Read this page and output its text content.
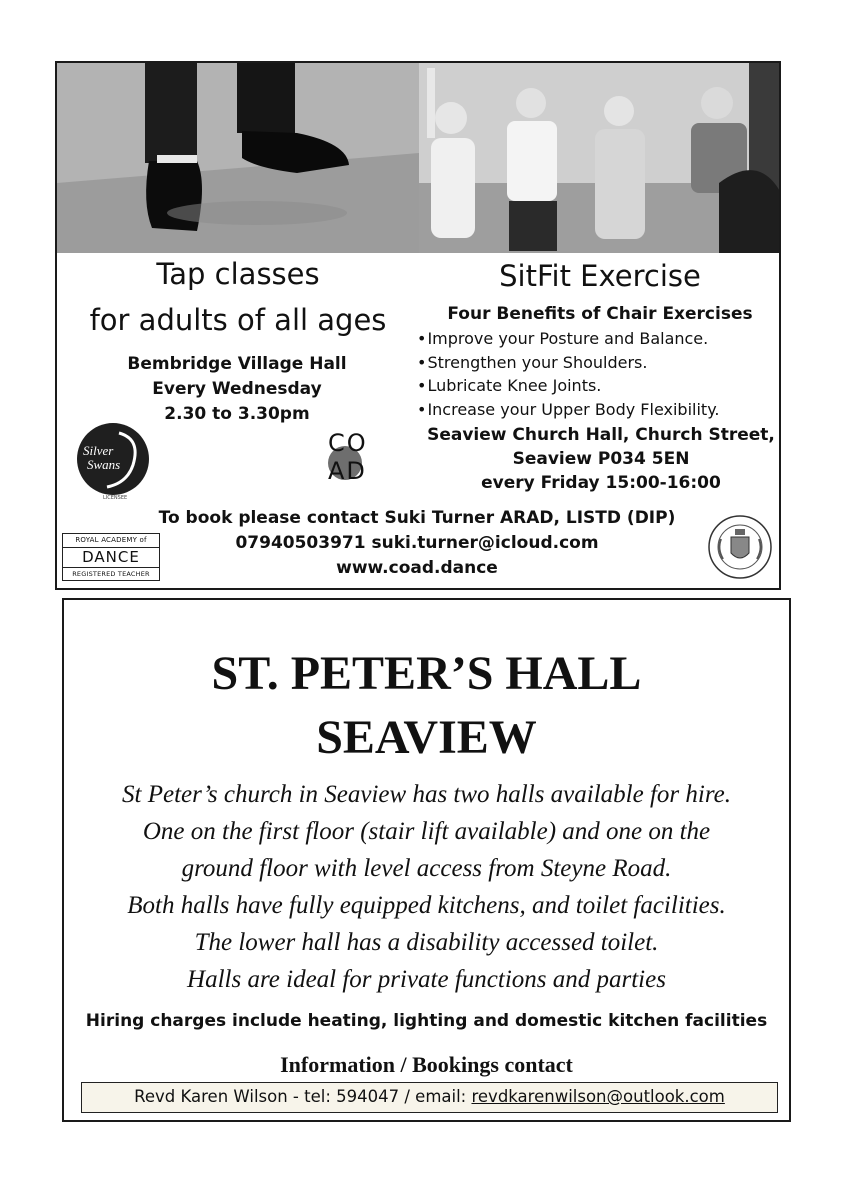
Tap classes
for adults of all ages
Bembridge Village Hall
Every Wednesday
2.30 to 3.30pm
SitFit Exercise
Four Benefits of Chair Exercises
• Improve your Posture and Balance.
• Strengthen your Shoulders.
• Lubricate Knee Joints.
• Increase your Upper Body Flexibility.
Seaview Church Hall, Church Street,
Seaview P034 5EN
every Friday 15:00-16:00
Silver
Swans
LICENSEE
CO
AD
To book please contact Suki Turner ARAD, LISTD (DIP)
07940503971 suki.turner@icloud.com
www.coad.dance
ROYAL ACADEMY of
DANCE
REGISTERED TEACHER
ST. PETER’S HALL
SEAVIEW
St Peter’s church in Seaview has two halls available for hire.
One on the first floor (stair lift available) and one on the
ground floor with level access from Steyne Road.
Both halls have fully equipped kitchens, and toilet facilities.
The lower hall has a disability accessed toilet.
Halls are ideal for private functions and parties
Hiring charges include heating, lighting and domestic kitchen facilities
Information / Bookings contact
Revd Karen Wilson - tel: 594047 / email: revdkarenwilson@outlook.com
